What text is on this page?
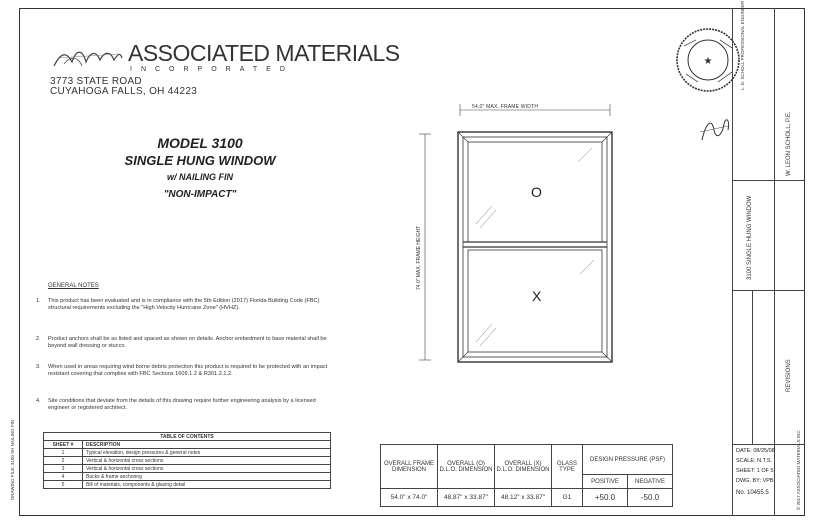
DRAWING FILE: 3100 SH NAILING FIN
ASSOCIATED MATERIALS
INCORPORATED
3773 STATE ROAD
CUYAHOGA FALLS, OH 44223
MODEL 3100
SINGLE HUNG WINDOW
w/ NAILING FIN
"NON-IMPACT"
54.0" MAX. FRAME WIDTH
74.0" MAX. FRAME HEIGHT
O
X
GENERAL NOTES
1. This product has been evaluated and is in compliance with the 5th Edition (2017) Florida Building Code (FBC) structural requirements excluding the "High Velocity Hurricane Zone" (HVHZ).
2. Product anchors shall be as listed and spaced as shown on details. Anchor embedment to base material shall be beyond wall dressing or stucco.
3. When used in areas requiring wind borne debris protection this product is required to be protected with an impact resistant covering that complies with FBC Sections 1609.1.2 & R301.2.1.2.
4. Site conditions that deviate from the details of this drawing require further engineering analysis by a licensed engineer or registered architect.
TABLE OF CONTENTS	
SHEET #	DESCRIPTION
1	Typical elevation, design pressures & general notes
2	Vertical & horizontal cross sections
3	Vertical & horizontal cross sections
4	Bucks & frame anchoring
5	Bill of materials, components & glazing detail
OVERALL FRAME DIMENSION	OVERALL (O) D.L.O. DIMENSION	OVERALL (X) D.L.O. DIMENSION	GLASS TYPE	DESIGN PRESSURE (PSF)	
				POSITIVE	NEGATIVE
54.0" x 74.0"	48.87" x 33.87"	48.12" x 33.87"	G1	+50.0	-50.0
★
3100 SINGLE HUNG WINDOW
W. LEON SCHOLL, P.E.
REVISIONS
L. E. SCHOLL PROFESSIONAL ENGINEER
DATE: 08/25/08
SCALE: N.T.S.
SHEET: 1 OF 5
DWG. BY: VPB
No. 10455.5	© 2017 ASSOCIATED MATERIALS INC
